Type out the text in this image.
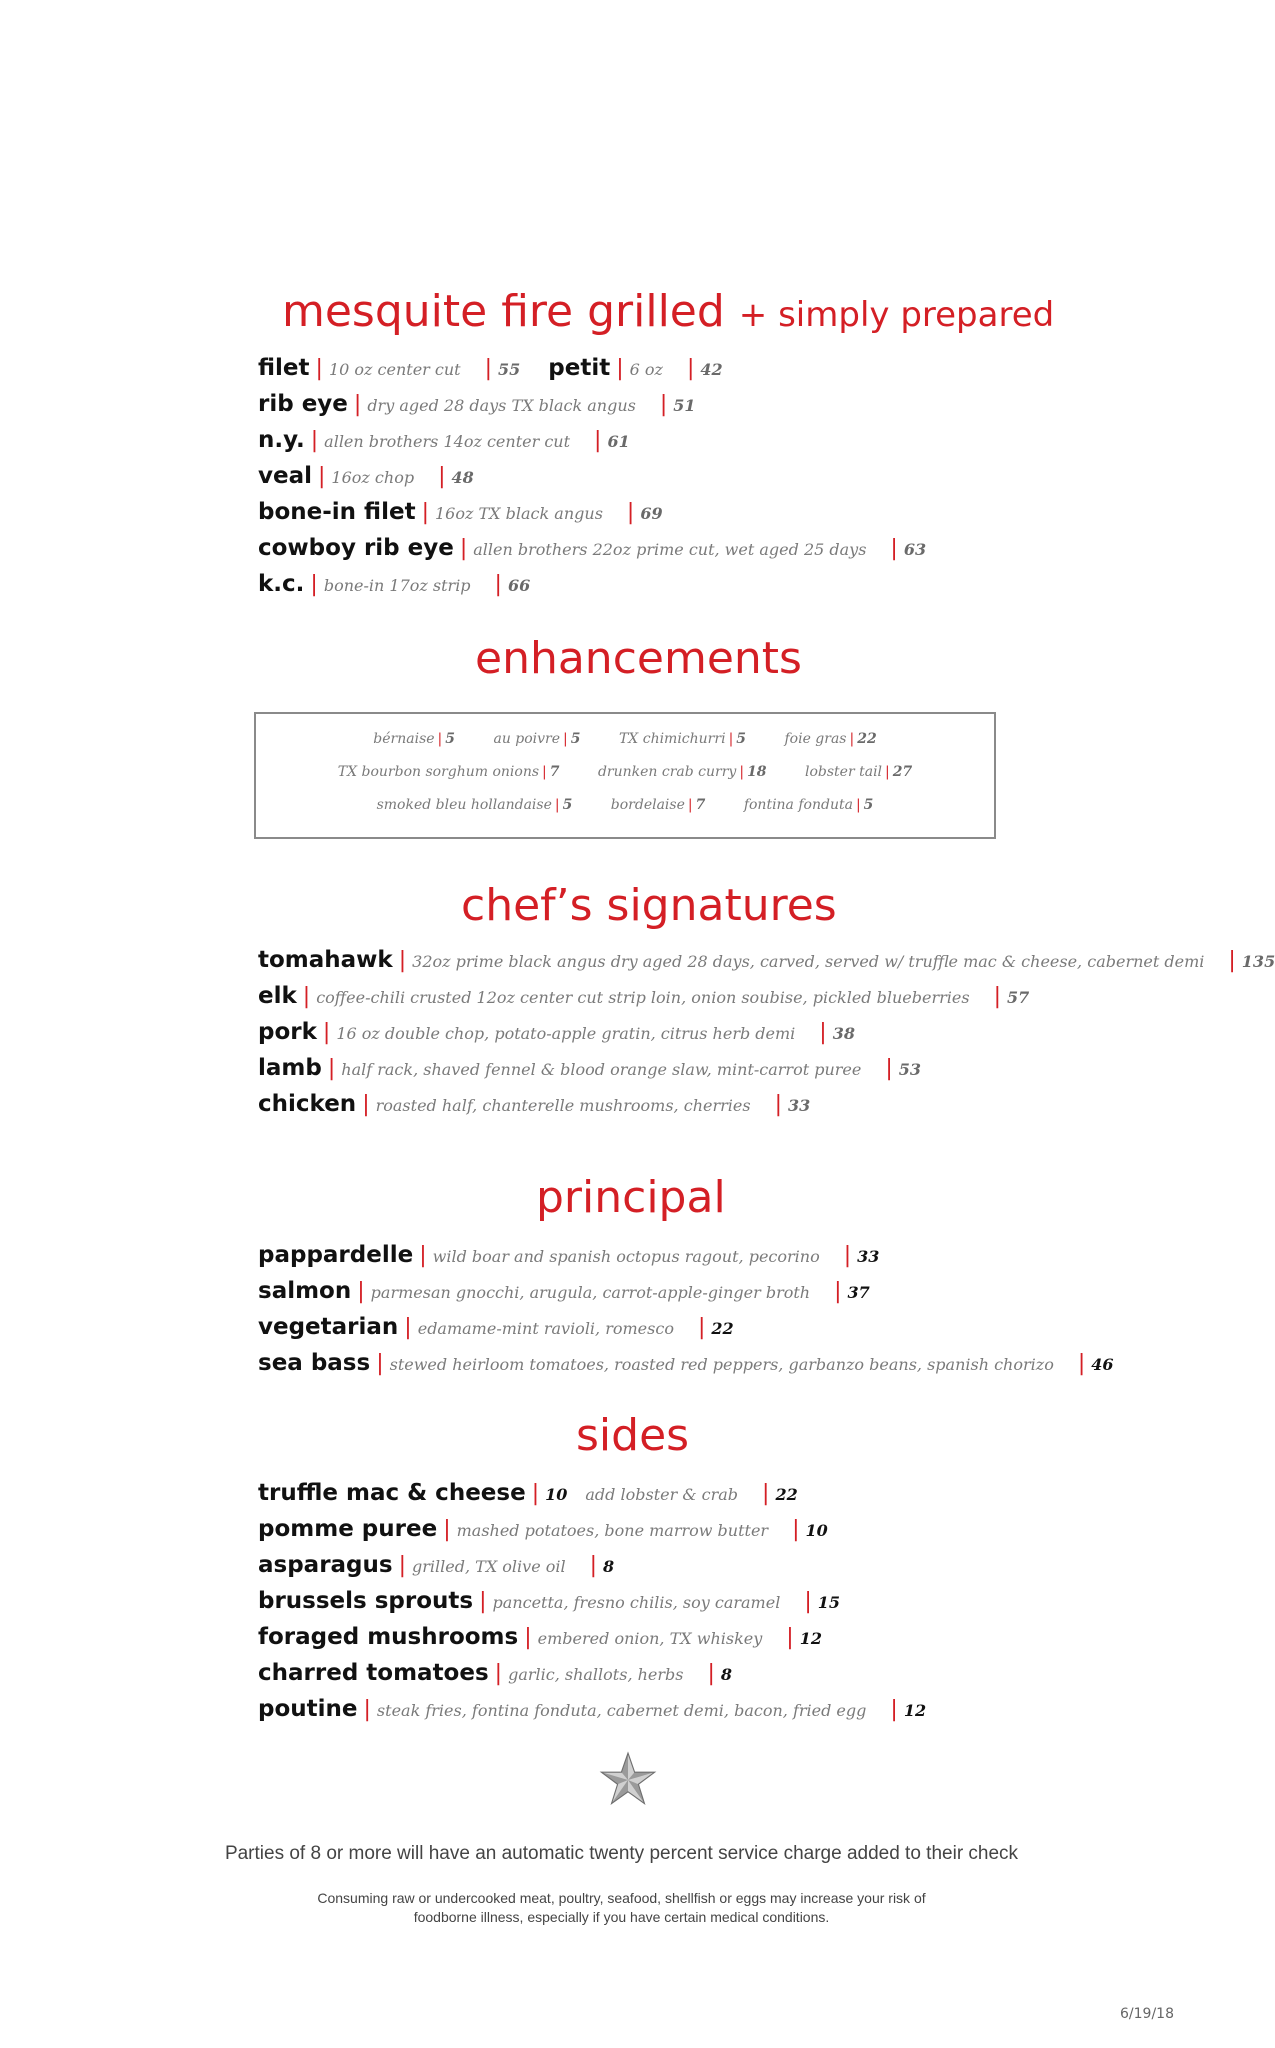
mesquite fire grilled + simply prepared
filet | 10 oz center cut | 55 petit | 6 oz | 42
rib eye | dry aged 28 days TX black angus | 51
n.y. | allen brothers 14oz center cut | 61
veal | 16oz chop | 48
bone-in filet | 16oz TX black angus | 69
cowboy rib eye | allen brothers 22oz prime cut, wet aged 25 days | 63
k.c. | bone-in 17oz strip | 66
enhancements
bérnaise | 5	au poivre | 5	TX chimichurri | 5	foie gras | 22
TX bourbon sorghum onions | 7	drunken crab curry | 18	lobster tail | 27
smoked bleu hollandaise | 5	bordelaise | 7	fontina fonduta | 5
chef’s signatures
tomahawk | 32oz prime black angus dry aged 28 days, carved, served w/ truffle mac & cheese, cabernet demi | 135
elk | coffee-chili crusted 12oz center cut strip loin, onion soubise, pickled blueberries | 57
pork | 16 oz double chop, potato-apple gratin, citrus herb demi | 38
lamb | half rack, shaved fennel & blood orange slaw, mint-carrot puree | 53
chicken | roasted half, chanterelle mushrooms, cherries | 33
principal
pappardelle | wild boar and spanish octopus ragout, pecorino | 33
salmon | parmesan gnocchi, arugula, carrot-apple-ginger broth | 37
vegetarian | edamame-mint ravioli, romesco | 22
sea bass | stewed heirloom tomatoes, roasted red peppers, garbanzo beans, spanish chorizo | 46
sides
truffle mac & cheese | 10 add lobster & crab | 22
pomme puree | mashed potatoes, bone marrow butter | 10
asparagus | grilled, TX olive oil | 8
brussels sprouts | pancetta, fresno chilis, soy caramel | 15
foraged mushrooms | embered onion, TX whiskey | 12
charred tomatoes | garlic, shallots, herbs | 8
poutine | steak fries, fontina fonduta, cabernet demi, bacon, fried egg | 12

Parties of 8 or more will have an automatic twenty percent service charge added to their check

Consuming raw or undercooked meat, poultry, seafood, shellfish or eggs may increase your risk of
foodborne illness, especially if you have certain medical conditions.
6/19/18
